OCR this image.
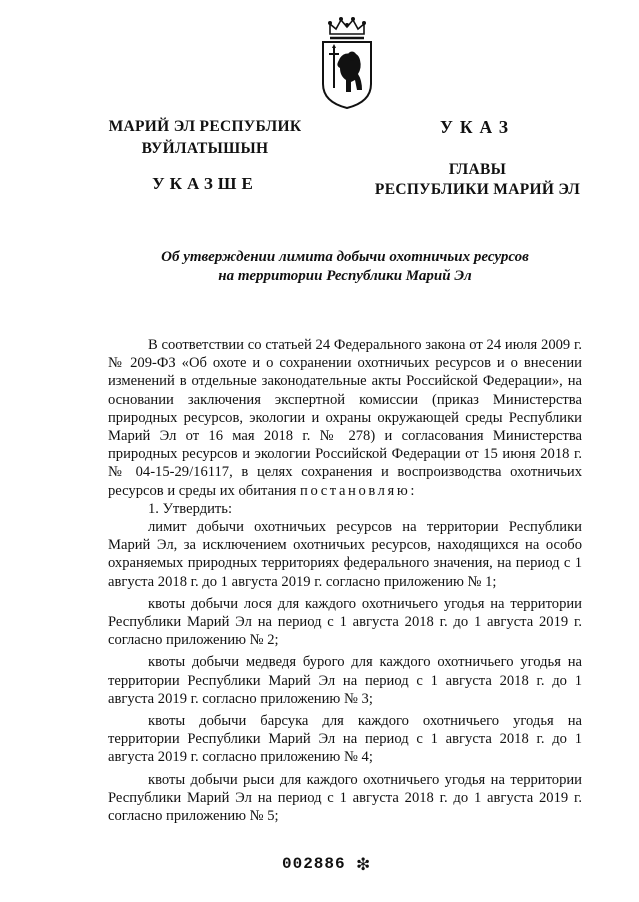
МАРИЙ ЭЛ РЕСПУБЛИК
ВУЙЛАТЫШЫН
УКАЗШЕ
УКАЗ
ГЛАВЫ
РЕСПУБЛИКИ МАРИЙ ЭЛ
Об утверждении лимита добычи охотничьих ресурсов
на территории Республики Марий Эл

В соответствии со статьей 24 Федерального закона от 24 июля 2009 г. № 209-ФЗ «Об охоте и о сохранении охотничьих ресурсов и о внесении изменений в отдельные законодательные акты Российской Федерации», на основании заключения экспертной комиссии (приказ Министерства природных ресурсов, экологии и охраны окружающей среды Республики Марий Эл от 16 мая 2018 г. № 278) и согласования Министерства природных ресурсов и экологии Российской Федерации от 15 июня 2018 г. № 04-15-29/16117, в целях сохранения и воспроизводства охотничьих ресурсов и среды их обитания постановляю:

1. Утвердить:

лимит добычи охотничьих ресурсов на территории Республики Марий Эл, за исключением охотничьих ресурсов, находящихся на особо охраняемых природных территориях федерального значения, на период с 1 августа 2018 г. до 1 августа 2019 г. согласно приложению № 1;

квоты добычи лося для каждого охотничьего угодья на территории Республики Марий Эл на период с 1 августа 2018 г. до 1 августа 2019 г. согласно приложению № 2;

квоты добычи медведя бурого для каждого охотничьего угодья на территории Республики Марий Эл на период с 1 августа 2018 г. до 1 августа 2019 г. согласно приложению № 3;

квоты добычи барсука для каждого охотничьего угодья на территории Республики Марий Эл на период с 1 августа 2018 г. до 1 августа 2019 г. согласно приложению № 4;

квоты добычи рыси для каждого охотничьего угодья на территории Республики Марий Эл на период с 1 августа 2018 г. до 1 августа 2019 г. согласно приложению № 5;

002886 ❇
